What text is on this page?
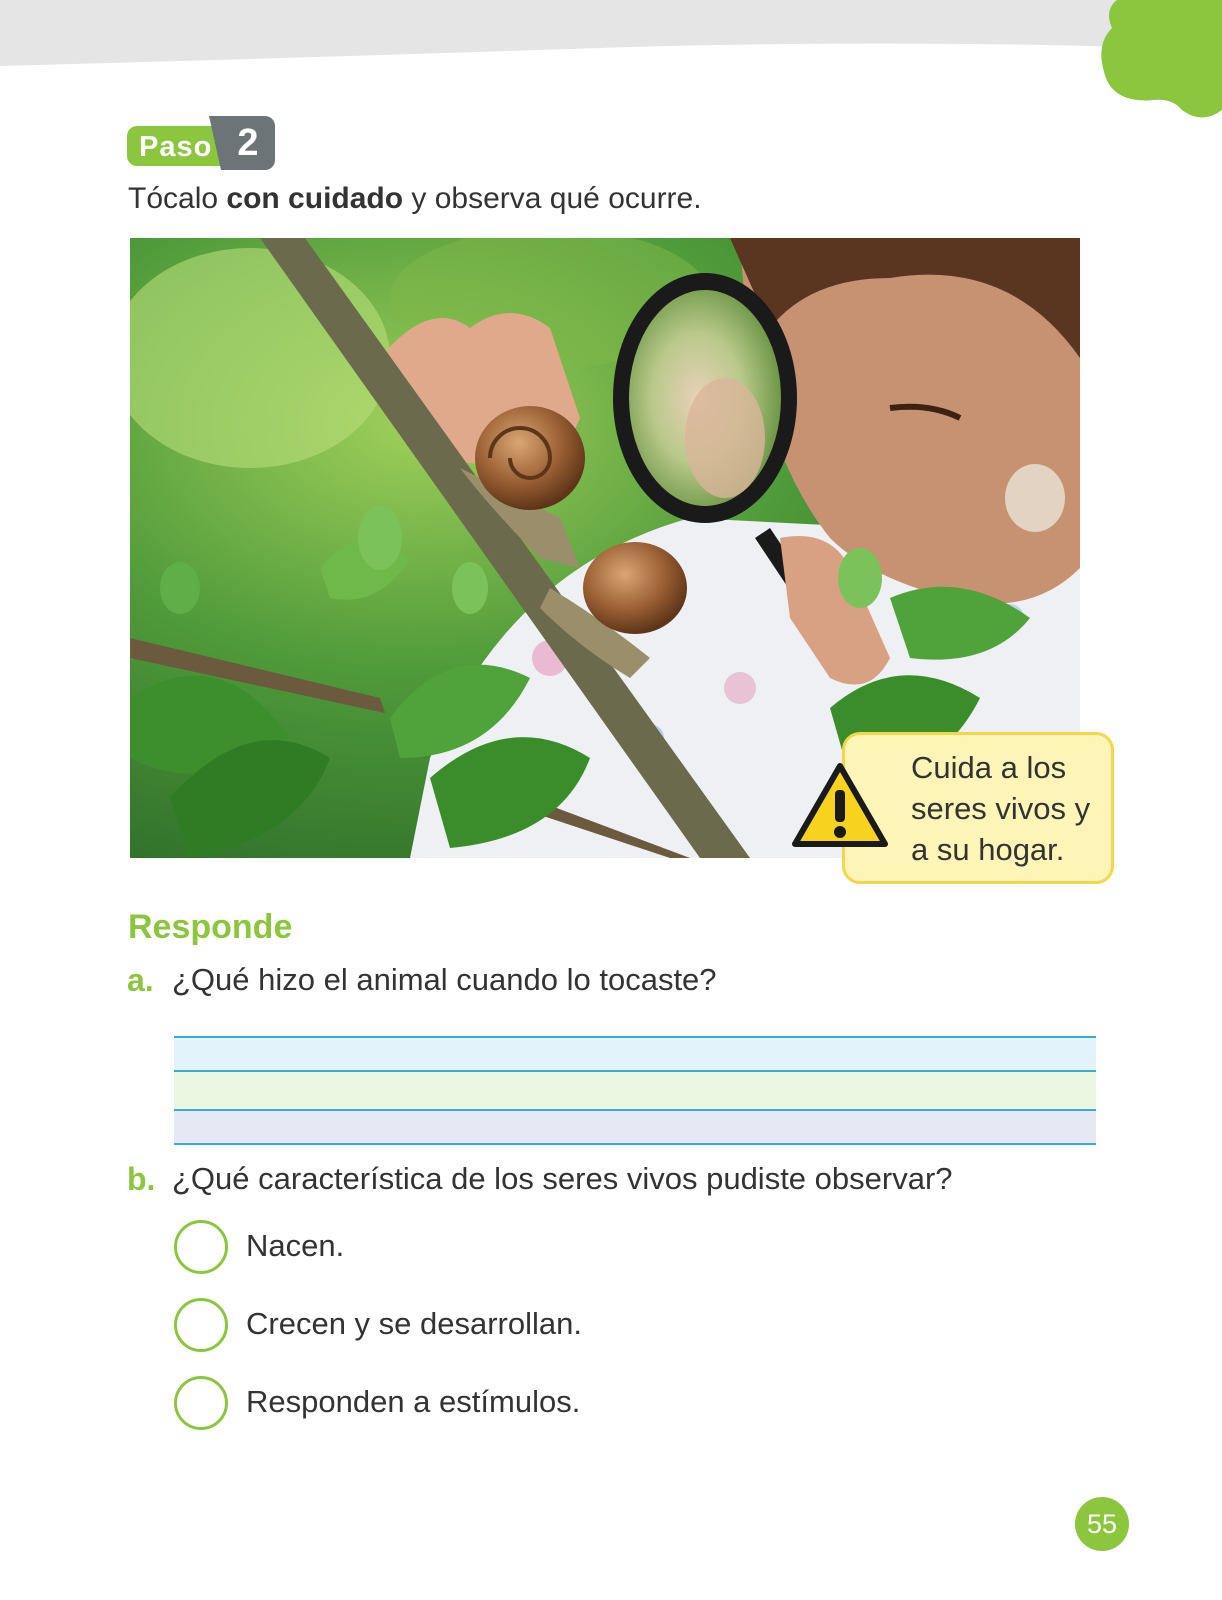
Paso 2

Tócalo con cuidado y observa qué ocurre.

Cuida a los seres vivos y a su hogar.
Responde
a. ¿Qué hizo el animal cuando lo tocaste?
b. ¿Qué característica de los seres vivos pudiste observar?
Nacen.
Crecen y se desarrollan.
Responden a estímulos.
55
